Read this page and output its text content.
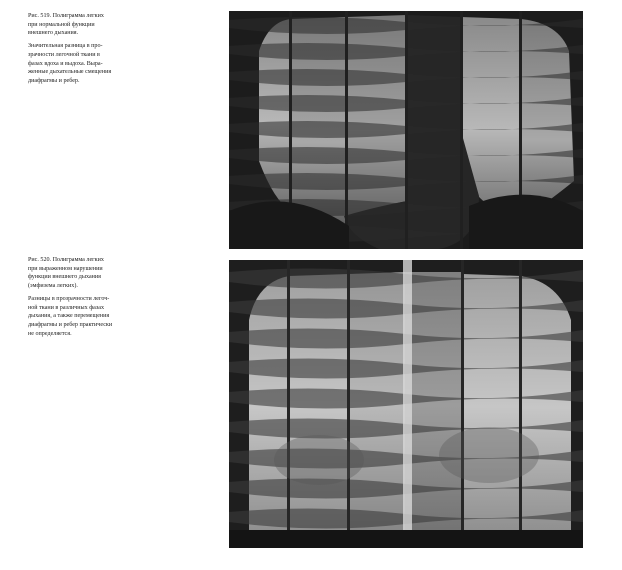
Рис. 519. Полиграмма легких
при нормальной функции
внешнего дыхания.

Значительная разница в про-
зрачности легочной ткани в
фазах вдоха и выдоха. Выра-
женные дыхательные смещения
диафрагмы и ребер.

Рис. 520. Полиграмма легких
при выраженном нарушении
функции внешнего дыхания
(эмфизема легких).

Разницы в прозрачности легоч-
ной ткани в различных фазах
дыхания, а также перемещения
диафрагмы и ребер практически
не определяется.
